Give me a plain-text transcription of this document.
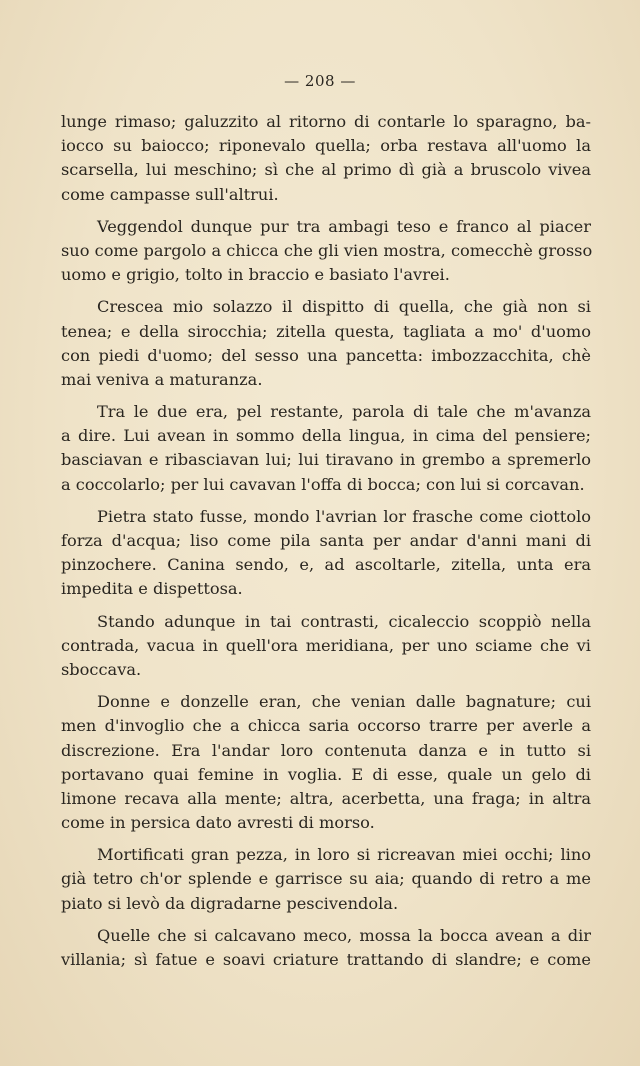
— 208 —
lunge rimaso; galuzzito al ritorno di contarle lo sparagno, ba-
iocco su baiocco; riponevalo quella; orba restava all'uomo la
scarsella, lui meschino; sì che al primo dì già a bruscolo vivea
come campasse sull'altrui.
Veggendol dunque pur tra ambagi teso e franco al piacer
suo come pargolo a chicca che gli vien mostra, comecchè grosso
uomo e grigio, tolto in braccio e basiato l'avrei.
Crescea mio solazzo il dispitto di quella, che già non si
tenea; e della sirocchia; zitella questa, tagliata a mo' d'uomo
con piedi d'uomo; del sesso una pancetta: imbozzacchita, chè
mai veniva a maturanza.
Tra le due era, pel restante, parola di tale che m'avanza
a dire. Lui avean in sommo della lingua, in cima del pensiere;
basciavan e ribasciavan lui; lui tiravano in grembo a spremerlo
a coccolarlo; per lui cavavan l'offa di bocca; con lui si corcavan.
Pietra stato fusse, mondo l'avrian lor frasche come ciottolo
forza d'acqua; liso come pila santa per andar d'anni mani di
pinzochere. Canina sendo, e, ad ascoltarle, zitella, unta era
impedita e dispettosa.
Stando adunque in tai contrasti, cicaleccio scoppiò nella
contrada, vacua in quell'ora meridiana, per uno sciame che vi
sboccava.
Donne e donzelle eran, che venian dalle bagnature; cui
men d'invoglio che a chicca saria occorso trarre per averle a
discrezione. Era l'andar loro contenuta danza e in tutto si
portavano quai femine in voglia. E di esse, quale un gelo di
limone recava alla mente; altra, acerbetta, una fraga; in altra
come in persica dato avresti di morso.
Mortificati gran pezza, in loro si ricreavan miei occhi; lino
già tetro ch'or splende e garrisce su aia; quando di retro a me
piato si levò da digradarne pescivendola.
Quelle che si calcavano meco, mossa la bocca avean a dir
villania; sì fatue e soavi criature trattando di slandre; e come
